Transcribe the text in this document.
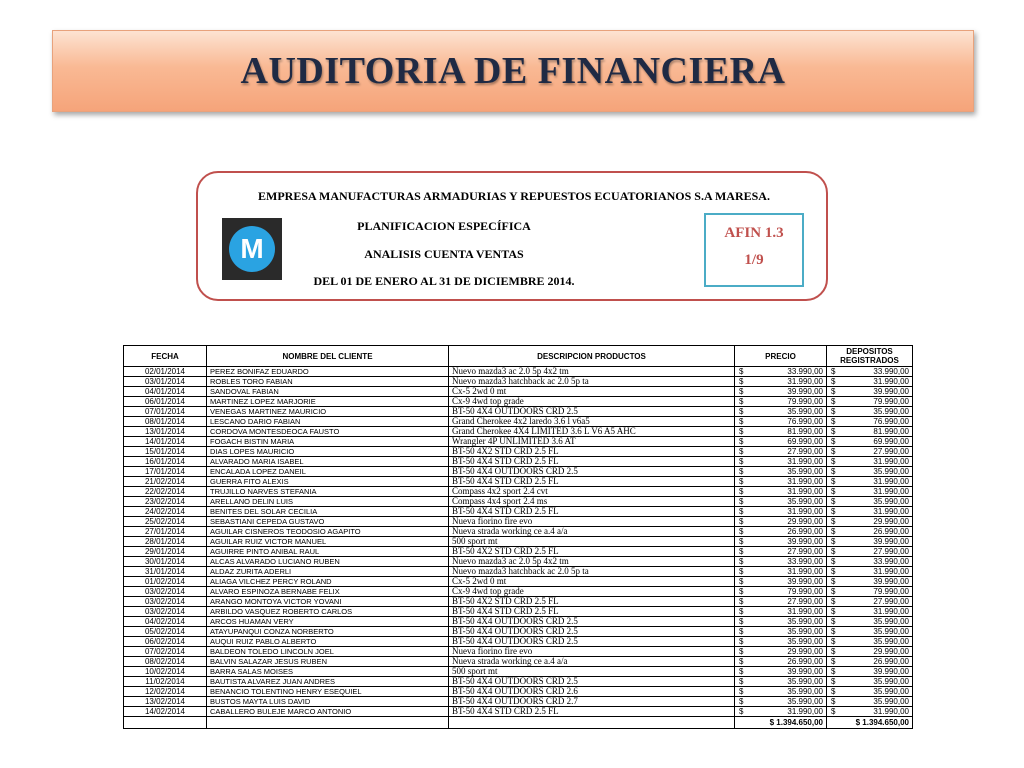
AUDITORIA DE FINANCIERA
M
EMPRESA MANUFACTURAS ARMADURIAS Y REPUESTOS ECUATORIANOS S.A MARESA.
PLANIFICACION ESPECÍFICA
ANALISIS CUENTA VENTAS
DEL 01 DE ENERO AL 31 DE DICIEMBRE 2014.
AFIN 1.3
1/9
FECHA	NOMBRE DEL CLIENTE	DESCRIPCION PRODUCTOS	PRECIO	DEPOSITOS REGISTRADOS
02/01/2014	PEREZ BONIFAZ EDUARDO	Nuevo mazda3 ac 2.0 5p 4x2 tm	$ 33.990,00	$ 33.990,00
03/01/2014	ROBLES TORO FABIAN	Nuevo mazda3 hatchback ac 2.0 5p ta	$ 31.990,00	$ 31.990,00
04/01/2014	SANDOVAL FABIAN	Cx-5 2wd 0 mt	$ 39.990,00	$ 39.990,00
06/01/2014	MARTINEZ LOPEZ MARJORIE	Cx-9 4wd top grade	$ 79.990,00	$ 79.990,00
07/01/2014	VENEGAS MARTINEZ MAURICIO	BT-50 4X4 OUTDOORS CRD 2.5	$ 35.990,00	$ 35.990,00
08/01/2014	LESCANO DARIO FABIAN	Grand Cherokee 4x2 laredo 3.6 l v6a5	$ 76.990,00	$ 76.990,00
13/01/2014	CORDOVA MONTESDEOCA FAUSTO	Grand Cherokee 4X4 LIMITED 3.6 L V6 A5 AHC	$ 81.990,00	$ 81.990,00
14/01/2014	FOGACH BISTIN MARIA	Wrangler 4P UNLIMITED 3.6 AT	$ 69.990,00	$ 69.990,00
15/01/2014	DIAS LOPES MAURICIO	BT-50 4X2 STD CRD 2.5 FL	$ 27.990,00	$ 27.990,00
16/01/2014	ALVARADO MARIA ISABEL	BT-50 4X4 STD CRD 2.5 FL	$ 31.990,00	$ 31.990,00
17/01/2014	ENCALADA LOPEZ DANEIL	BT-50 4X4 OUTDOORS CRD 2.5	$ 35.990,00	$ 35.990,00
21/02/2014	GUERRA FITO ALEXIS	BT-50 4X4 STD CRD 2.5 FL	$ 31.990,00	$ 31.990,00
22/02/2014	TRUJILLO NARVES STEFANIA	Compass 4x2 sport 2.4 cvt	$ 31.990,00	$ 31.990,00
23/02/2014	ARELLANO DELIN LUIS	Compass 4x4 sport 2.4 ms	$ 35.990,00	$ 35.990,00
24/02/2014	BENITES DEL SOLAR CECILIA	BT-50 4X4 STD CRD 2.5 FL	$ 31.990,00	$ 31.990,00
25/02/2014	SEBASTIANI CEPEDA GUSTAVO	Nueva fiorino fire evo	$ 29.990,00	$ 29.990,00
27/01/2014	AGUILAR CISNEROS TEODOSIO AGAPITO	Nueva strada working ce a.4 a/a	$ 26.990,00	$ 26.990,00
28/01/2014	AGUILAR RUIZ VICTOR MANUEL	500 sport mt	$ 39.990,00	$ 39.990,00
29/01/2014	AGUIRRE PINTO ANIBAL RAUL	BT-50 4X2 STD CRD 2.5 FL	$ 27.990,00	$ 27.990,00
30/01/2014	ALCAS ALVARADO LUCIANO RUBEN	Nuevo mazda3 ac 2.0 5p 4x2 tm	$ 33.990,00	$ 33.990,00
31/01/2014	ALDAZ ZURITA ADERLI	Nuevo mazda3 hatchback ac 2.0 5p ta	$ 31.990,00	$ 31.990,00
01/02/2014	ALIAGA VILCHEZ PERCY ROLAND	Cx-5 2wd 0 mt	$ 39.990,00	$ 39.990,00
03/02/2014	ALVARO ESPINOZA BERNABE FELIX	Cx-9 4wd top grade	$ 79.990,00	$ 79.990,00
03/02/2014	ARANGO MONTOYA VICTOR YOVANI	BT-50 4X2 STD CRD 2.5 FL	$ 27.990,00	$ 27.990,00
03/02/2014	ARBILDO VASQUEZ ROBERTO CARLOS	BT-50 4X4 STD CRD 2.5 FL	$ 31.990,00	$ 31.990,00
04/02/2014	ARCOS HUAMAN VERY	BT-50 4X4 OUTDOORS CRD 2.5	$ 35.990,00	$ 35.990,00
05/02/2014	ATAYUPANQUI CONZA NORBERTO	BT-50 4X4 OUTDOORS CRD 2.5	$ 35.990,00	$ 35.990,00
06/02/2014	AUQUI RUIZ PABLO ALBERTO	BT-50 4X4 OUTDOORS CRD 2.5	$ 35.990,00	$ 35.990,00
07/02/2014	BALDEON TOLEDO LINCOLN JOEL	Nueva fiorino fire evo	$ 29.990,00	$ 29.990,00
08/02/2014	BALVIN SALAZAR JESUS RUBEN	Nueva strada working ce a.4 a/a	$ 26.990,00	$ 26.990,00
10/02/2014	BARRA SALAS MOISES	500 sport mt	$ 39.990,00	$ 39.990,00
11/02/2014	BAUTISTA ALVAREZ JUAN ANDRES	BT-50 4X4 OUTDOORS CRD 2.5	$ 35.990,00	$ 35.990,00
12/02/2014	BENANCIO TOLENTINO HENRY ESEQUIEL	BT-50 4X4 OUTDOORS CRD 2.6	$ 35.990,00	$ 35.990,00
13/02/2014	BUSTOS MAYTA LUIS DAVID	BT-50 4X4 OUTDOORS CRD 2.7	$ 35.990,00	$ 35.990,00
14/02/2014	CABALLERO BULEJE MARCO ANTONIO	BT-50 4X4 STD CRD 2.5 FL	$ 31.990,00	$ 31.990,00
			$ 1.394.650,00	$ 1.394.650,00
